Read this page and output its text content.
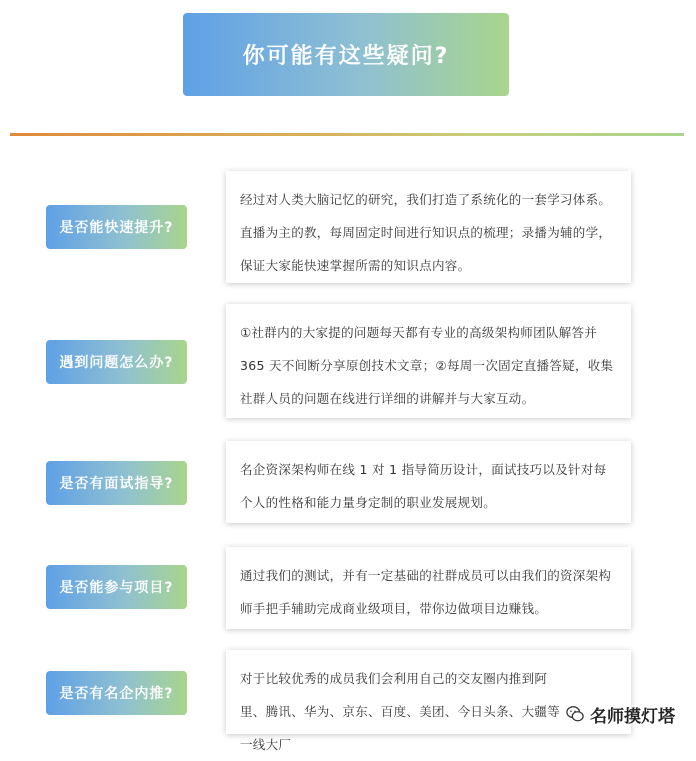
你可能有这些疑问?
是否能快速提升?
经过对人类大脑记忆的研究，我们打造了系统化的一套学习体系。直播为主的教，每周固定时间进行知识点的梳理；录播为辅的学，保证大家能快速掌握所需的知识点内容。
遇到问题怎么办?
①社群内的大家提的问题每天都有专业的高级架构师团队解答并 365 天不间断分享原创技术文章；②每周一次固定直播答疑，收集社群人员的问题在线进行详细的讲解并与大家互动。
是否有面试指导?
名企资深架构师在线 1 对 1 指导简历设计，面试技巧以及针对每个人的性格和能力量身定制的职业发展规划。
是否能参与项目?
通过我们的测试，并有一定基础的社群成员可以由我们的资深架构师手把手辅助完成商业级项目，带你边做项目边赚钱。
是否有名企内推?
对于比较优秀的成员我们会利用自己的交友圈内推到阿里、腾讯、华为、京东、百度、美团、今日头条、大疆等一线大厂
名师摸灯塔
